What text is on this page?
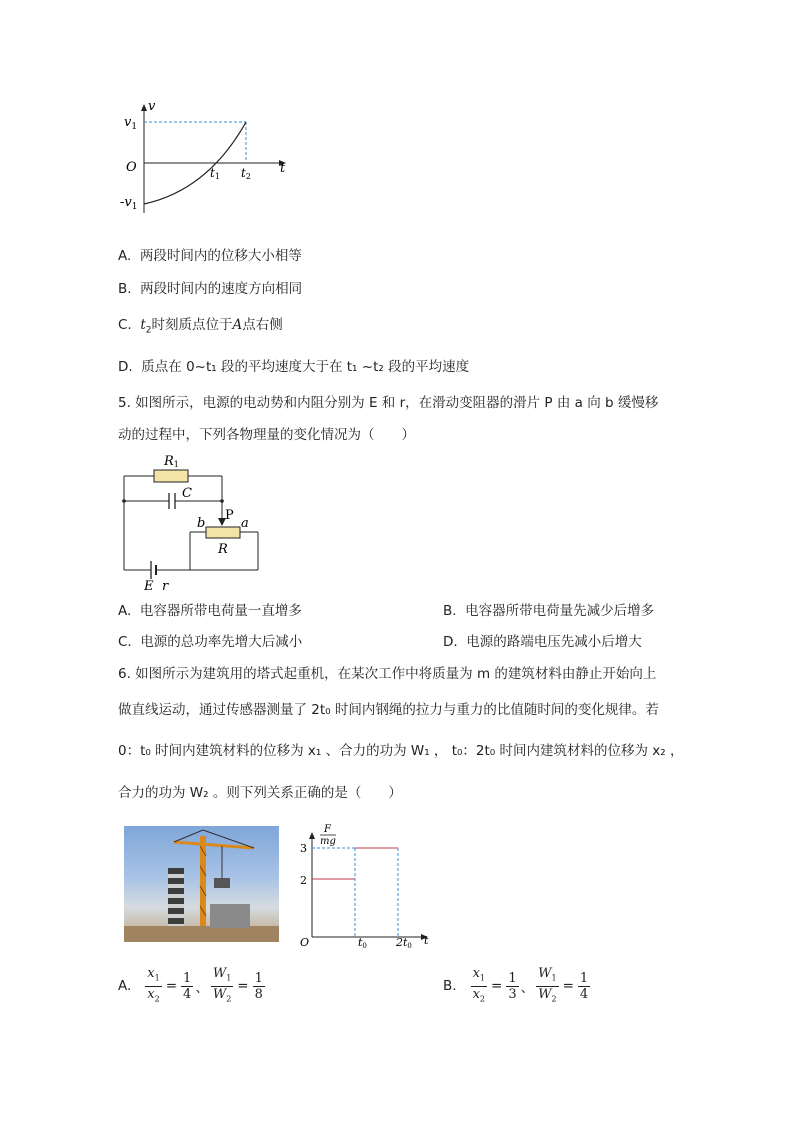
v
t
$v_1$
O	t1 t2
$-v_1$
A. 两段时间内的位移大小相等
B. 两段时间内的速度方向相同
C. $t_2$时刻质点位于A点右侧
D. 质点在 0~t₁ 段的平均速度大于在 t₁ ~t₂ 段的平均速度
5. 如图所示，电源的电动势和内阻分别为 E 和 r，在滑动变阻器的滑片 P 由 a 向 b 缓慢移
动的过程中，下列各物理量的变化情况为（　　）
R1
C
P
b	a
R
E r
A. 电容器所带电荷量一直增多	B. 电容器所带电荷量先减少后增多
C. 电源的总功率先增大后减小	D. 电源的路端电压先减小后增大
6. 如图所示为建筑用的塔式起重机，在某次工作中将质量为 m 的建筑材料由静止开始向上
做直线运动，通过传感器测量了 2t₀ 时间内钢绳的拉力与重力的比值随时间的变化规律。若
0：t₀ 时间内建筑材料的位移为 x₁ 、合力的功为 W₁ ， t₀：2t₀ 时间内建筑材料的位移为 x₂ ，
合力的功为 W₂ 。则下列关系正确的是（　　）
F
mg
3
2
O	t0	2t0 t
A. $\frac{x_1}{x_2} = \frac{1}{4}$ 、 $\frac{W_1}{W_2} = \frac{1}{8}$	B. $\frac{x_1}{x_2} = \frac{1}{3}$ 、 $\frac{W_1}{W_2} = \frac{1}{4}$
